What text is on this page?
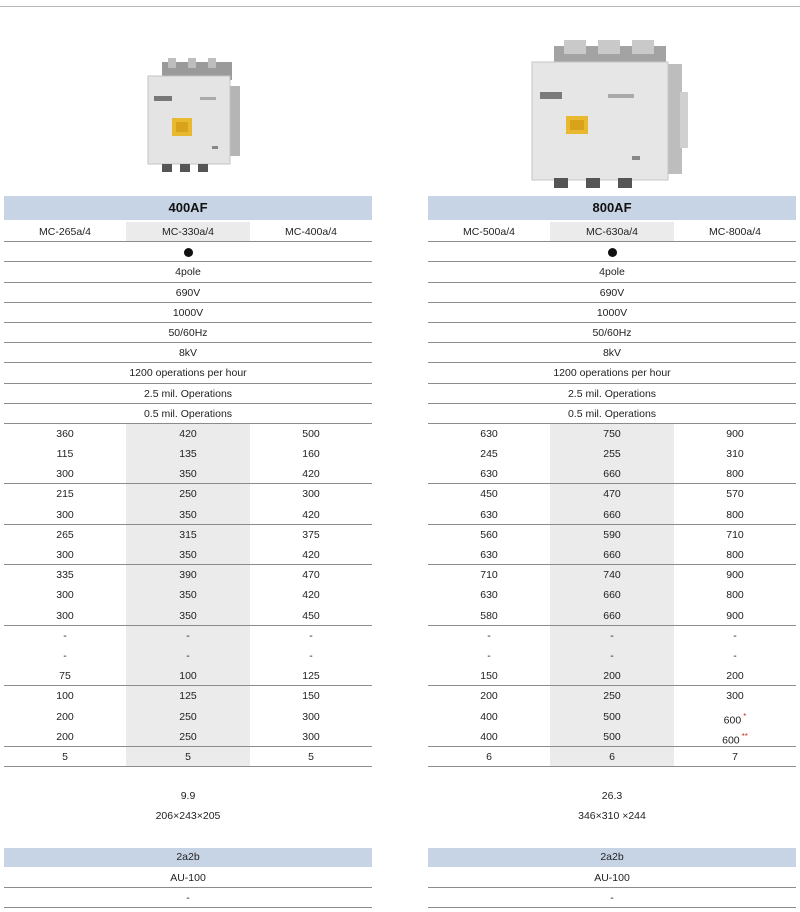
400AF
MC-265a/4	MC-330a/4	MC-400a/4
4pole
690V
1000V
50/60Hz
8kV
1200 operations per hour
2.5 mil. Operations
0.5 mil. Operations
360	420	500
115	135	160
300	350	420
215	250	300
300	350	420
265	315	375
300	350	420
335	390	470
300	350	420
300	350	450
-	-	-
-	-	-
75	100	125
100	125	150
200	250	300
200	250	300
5	5	5
9.9
206×243×205
2a2b
AU-100
-
800AF
MC-500a/4	MC-630a/4	MC-800a/4
4pole
690V
1000V
50/60Hz
8kV
1200 operations per hour
2.5 mil. Operations
0.5 mil. Operations
630	750	900
245	255	310
630	660	800
450	470	570
630	660	800
560	590	710
630	660	800
710	740	900
630	660	800
580	660	900
-	-	-
-	-	-
150	200	200
200	250	300
400	500	600 *
400	500	600 **
6	6	7
26.3
346×310 ×244
2a2b
AU-100
-
